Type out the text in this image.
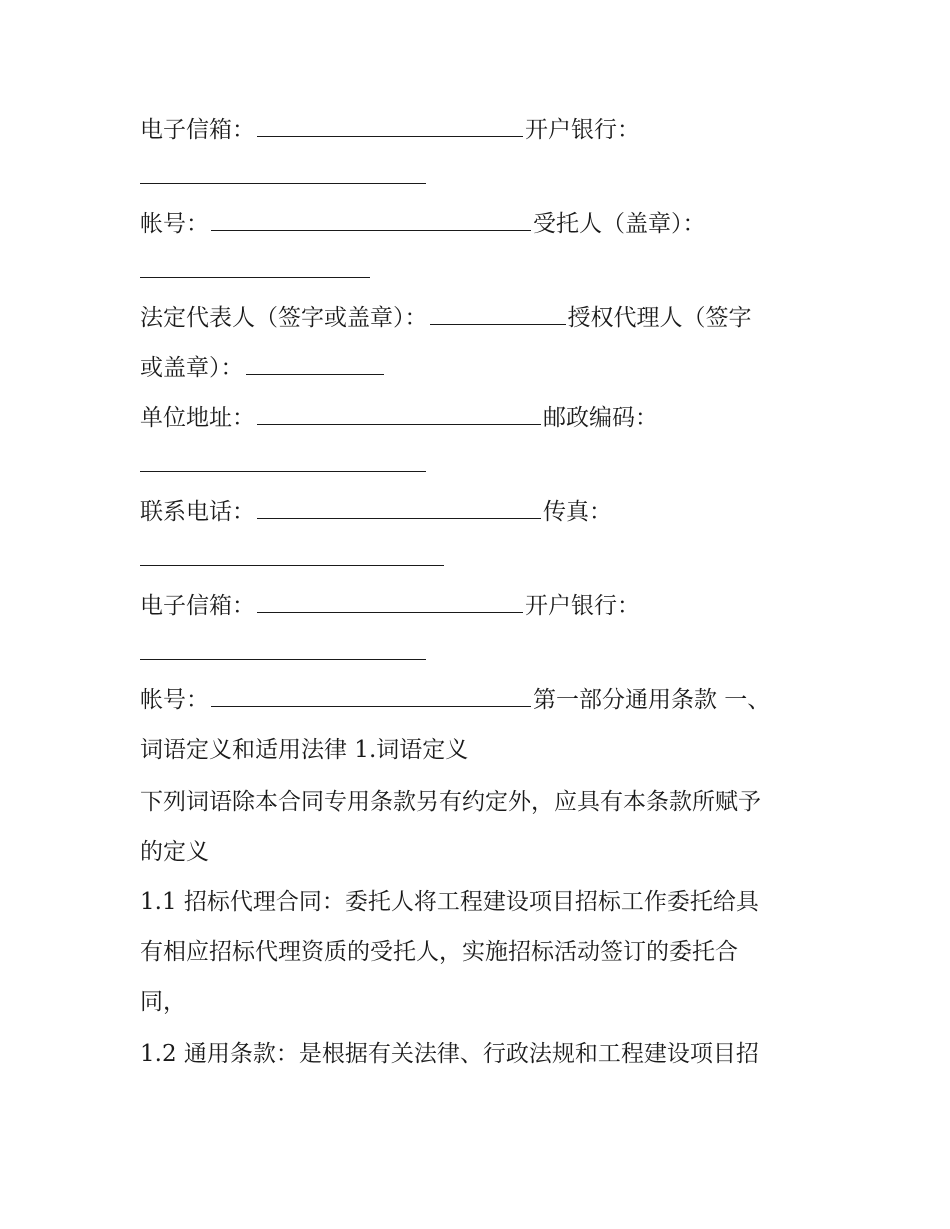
电子信箱：	开户银行：
帐号：	受托人（盖章）：
法定代表人（签字或盖章）：	授权代理人（签字
或盖章）：
单位地址：	邮政编码：
联系电话：	传真：
电子信箱：	开户银行：
帐号：	第一部分通用条款 一、
词语定义和适用法律 1.词语定义
下列词语除本合同专用条款另有约定外，应具有本条款所赋予
的定义
1.1 招标代理合同：委托人将工程建设项目招标工作委托给具
有相应招标代理资质的受托人，实施招标活动签订的委托合
同，
1.2 通用条款：是根据有关法律、行政法规和工程建设项目招
